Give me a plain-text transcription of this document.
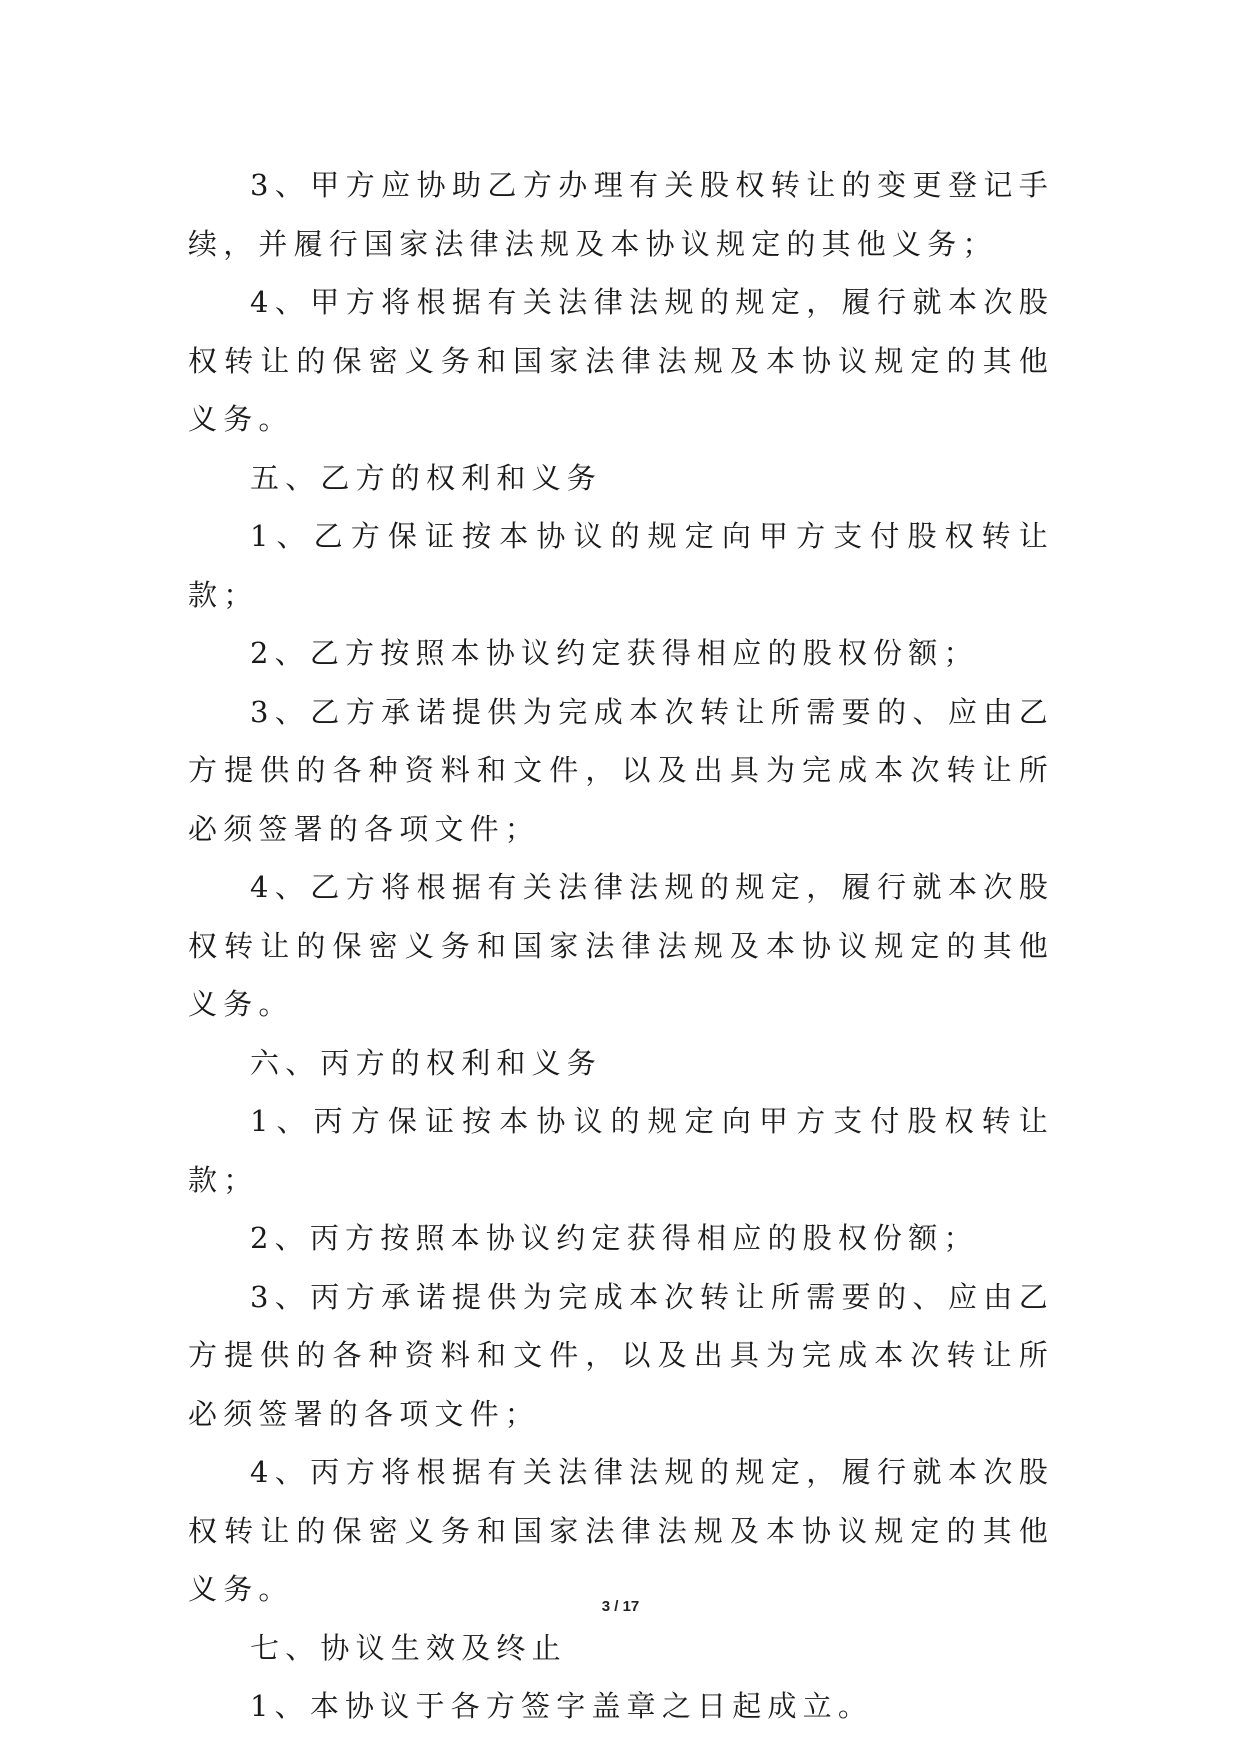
3、甲方应协助乙方办理有关股权转让的变更登记手续，并履行国家法律法规及本协议规定的其他义务；

4、甲方将根据有关法律法规的规定，履行就本次股权转让的保密义务和国家法律法规及本协议规定的其他义务。

五、乙方的权利和义务

1、乙方保证按本协议的规定向甲方支付股权转让款；

2、乙方按照本协议约定获得相应的股权份额；

3、乙方承诺提供为完成本次转让所需要的、应由乙方提供的各种资料和文件，以及出具为完成本次转让所必须签署的各项文件；

4、乙方将根据有关法律法规的规定，履行就本次股权转让的保密义务和国家法律法规及本协议规定的其他义务。

六、丙方的权利和义务

1、丙方保证按本协议的规定向甲方支付股权转让款；

2、丙方按照本协议约定获得相应的股权份额；

3、丙方承诺提供为完成本次转让所需要的、应由乙方提供的各种资料和文件，以及出具为完成本次转让所必须签署的各项文件；

4、丙方将根据有关法律法规的规定，履行就本次股权转让的保密义务和国家法律法规及本协议规定的其他义务。

七、协议生效及终止

1、本协议于各方签字盖章之日起成立。

3 / 17
